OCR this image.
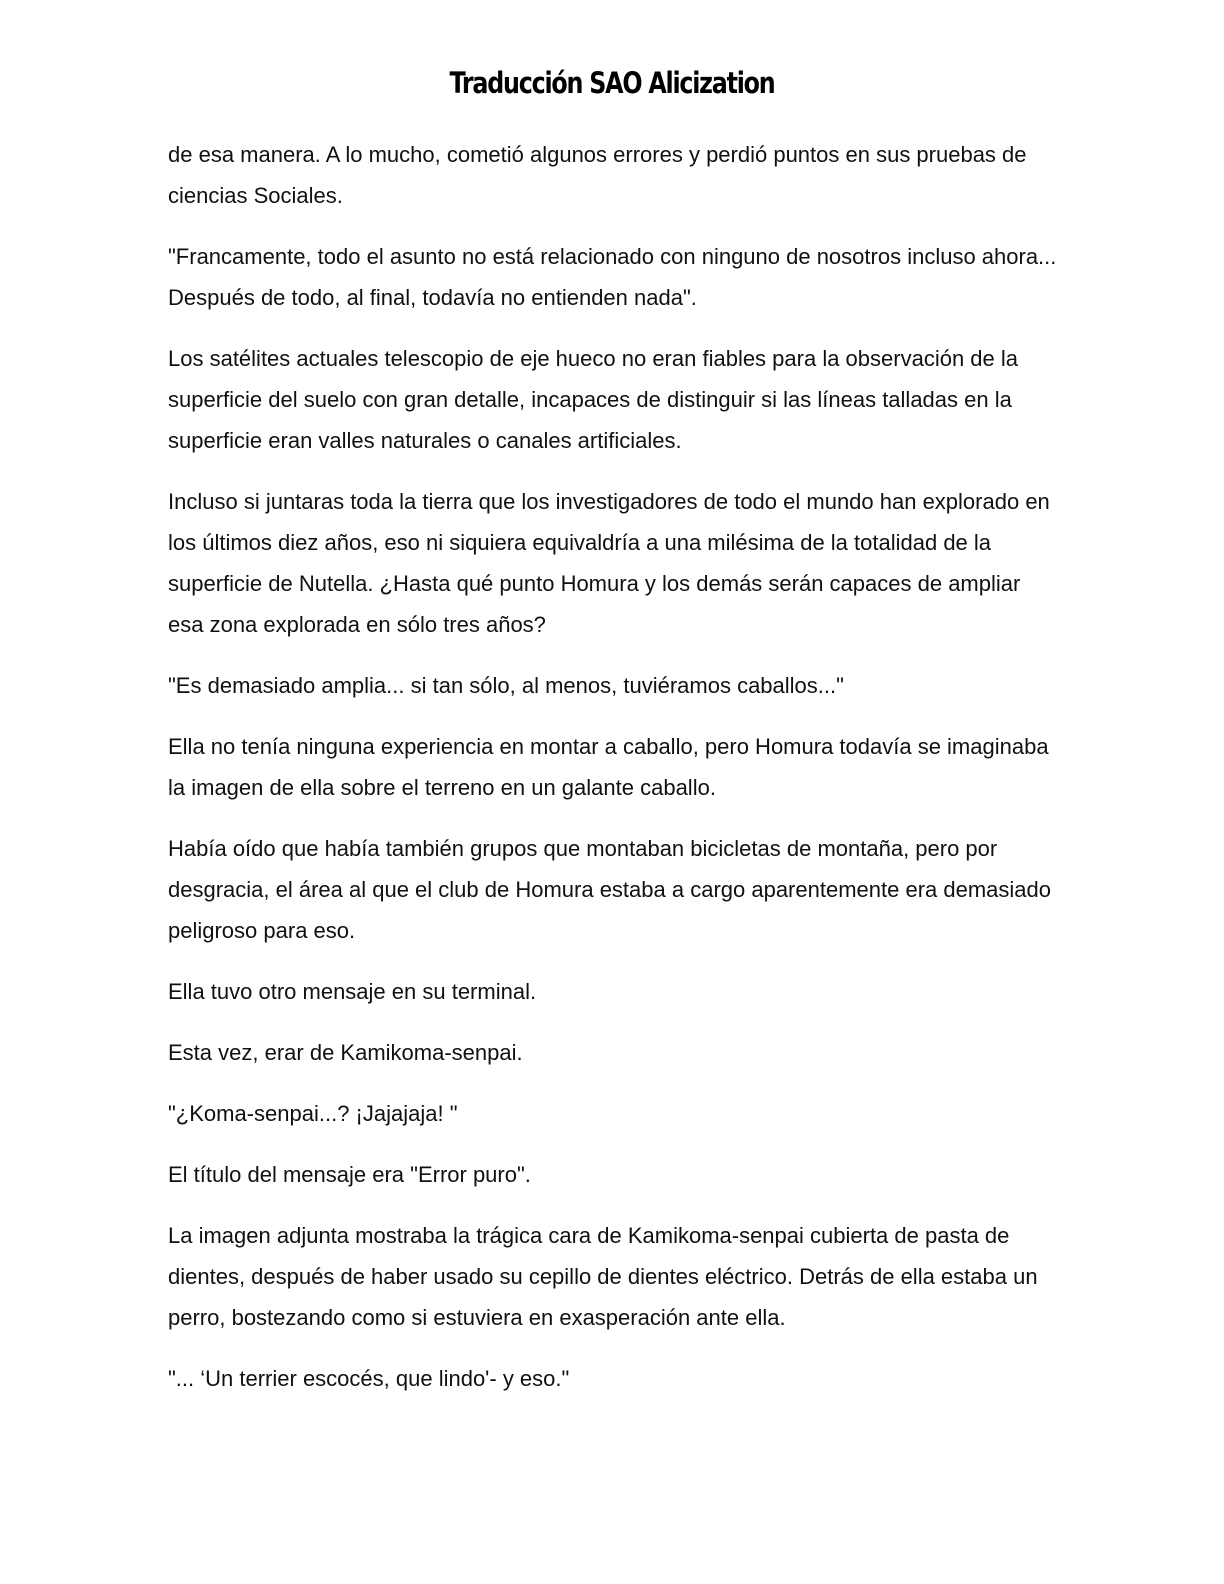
Traducción SAO Alicization

de esa manera. A lo mucho, cometió algunos errores y perdió puntos en sus pruebas de ciencias Sociales.

"Francamente, todo el asunto no está relacionado con ninguno de nosotros incluso ahora... Después de todo, al final, todavía no entienden nada".

Los satélites actuales telescopio de eje hueco no eran fiables para la observación de la superficie del suelo con gran detalle, incapaces de distinguir si las líneas talladas en la superficie eran valles naturales o canales artificiales.

Incluso si juntaras toda la tierra que los investigadores de todo el mundo han explorado en los últimos diez años, eso ni siquiera equivaldría a una milésima de la totalidad de la superficie de Nutella. ¿Hasta qué punto Homura y los demás serán capaces de ampliar esa zona explorada en sólo tres años?

"Es demasiado amplia... si tan sólo, al menos, tuviéramos caballos..."

Ella no tenía ninguna experiencia en montar a caballo, pero Homura todavía se imaginaba la imagen de ella sobre el terreno en un galante caballo.

Había oído que había también grupos que montaban bicicletas de montaña, pero por desgracia, el área al que el club de Homura estaba a cargo aparentemente era demasiado peligroso para eso.

Ella tuvo otro mensaje en su terminal.

Esta vez, erar de Kamikoma-senpai.

"¿Koma-senpai...? ¡Jajajaja! "

El título del mensaje era "Error puro".

La imagen adjunta mostraba la trágica cara de Kamikoma-senpai cubierta de pasta de dientes, después de haber usado su cepillo de dientes eléctrico. Detrás de ella estaba un perro, bostezando como si estuviera en exasperación ante ella.

"... ‘Un terrier escocés, que lindo'- y eso."
